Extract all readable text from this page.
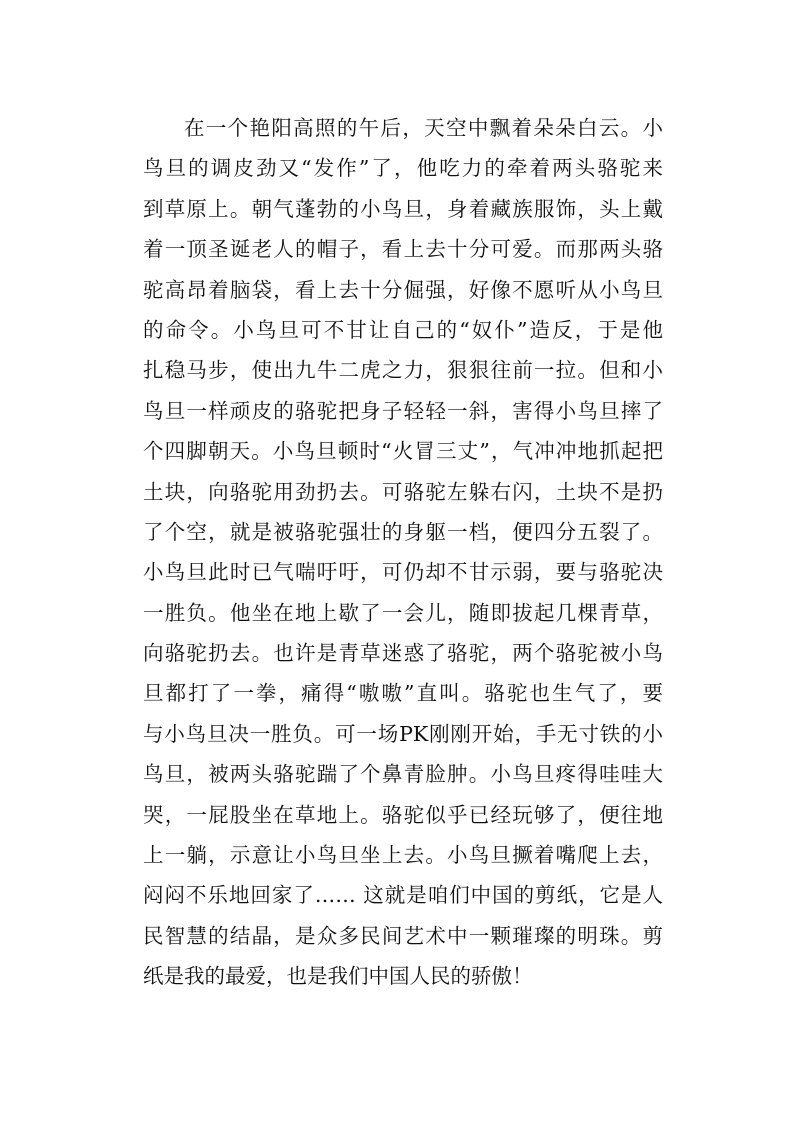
在一个艳阳高照的午后，天空中飘着朵朵白云。小
鸟旦的调皮劲又“发作”了，他吃力的牵着两头骆驼来
到草原上。朝气蓬勃的小鸟旦，身着藏族服饰，头上戴
着一顶圣诞老人的帽子，看上去十分可爱。而那两头骆
驼高昂着脑袋，看上去十分倔强，好像不愿听从小鸟旦
的命令。小鸟旦可不甘让自己的“奴仆”造反，于是他
扎稳马步，使出九牛二虎之力，狠狠往前一拉。但和小
鸟旦一样顽皮的骆驼把身子轻轻一斜，害得小鸟旦摔了
个四脚朝天。小鸟旦顿时“火冒三丈”，气冲冲地抓起把
土块，向骆驼用劲扔去。可骆驼左躲右闪，土块不是扔
了个空，就是被骆驼强壮的身躯一档，便四分五裂了。
小鸟旦此时已气喘吁吁，可仍却不甘示弱，要与骆驼决
一胜负。他坐在地上歇了一会儿，随即拔起几棵青草，
向骆驼扔去。也许是青草迷惑了骆驼，两个骆驼被小鸟
旦都打了一拳，痛得“嗷嗷”直叫。骆驼也生气了，要
与小鸟旦决一胜负。可一场PK刚刚开始，手无寸铁的小
鸟旦，被两头骆驼踹了个鼻青脸肿。小鸟旦疼得哇哇大
哭，一屁股坐在草地上。骆驼似乎已经玩够了，便往地
上一躺，示意让小鸟旦坐上去。小鸟旦撅着嘴爬上去，
闷闷不乐地回家了…… 这就是咱们中国的剪纸，它是人
民智慧的结晶，是众多民间艺术中一颗璀璨的明珠。剪
纸是我的最爱，也是我们中国人民的骄傲！
